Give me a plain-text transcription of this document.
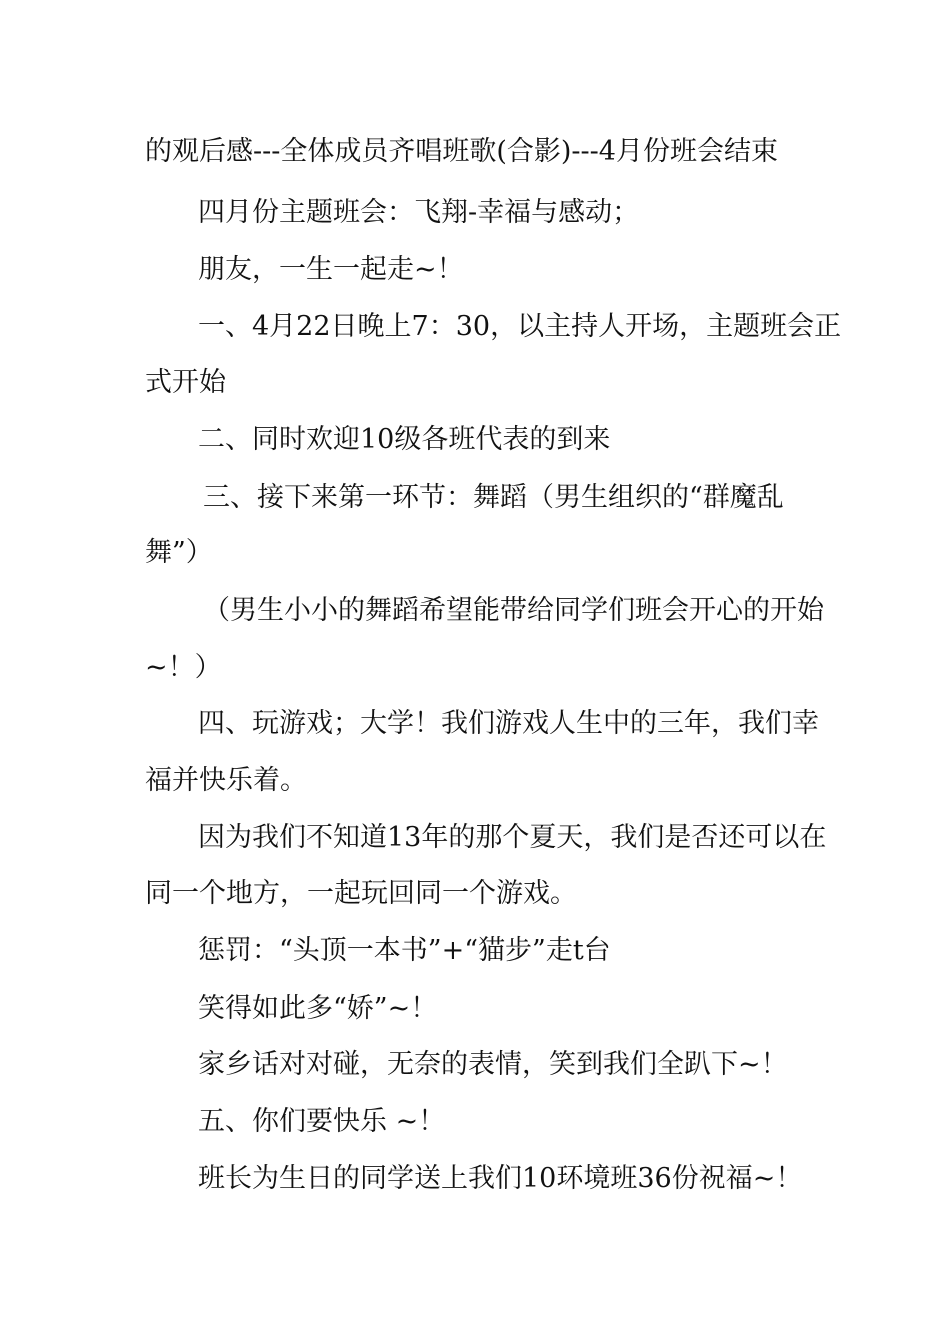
的观后感---全体成员齐唱班歌(合影)---4月份班会结束
四月份主题班会：飞翔-幸福与感动；
朋友，一生一起走~！
一、4月22日晚上7：30，以主持人开场，主题班会正
式开始
二、同时欢迎10级各班代表的到来
三、接下来第一环节：舞蹈（男生组织的“群魔乱
舞”）
（男生小小的舞蹈希望能带给同学们班会开心的开始
~！）
四、玩游戏；大学！我们游戏人生中的三年，我们幸
福并快乐着。
因为我们不知道13年的那个夏天，我们是否还可以在
同一个地方，一起玩回同一个游戏。
惩罚：“头顶一本书”+“猫步”走t台
笑得如此多“娇”~！
家乡话对对碰，无奈的表情，笑到我们全趴下~！
五、你们要快乐 ~！
班长为生日的同学送上我们10环境班36份祝福~！
